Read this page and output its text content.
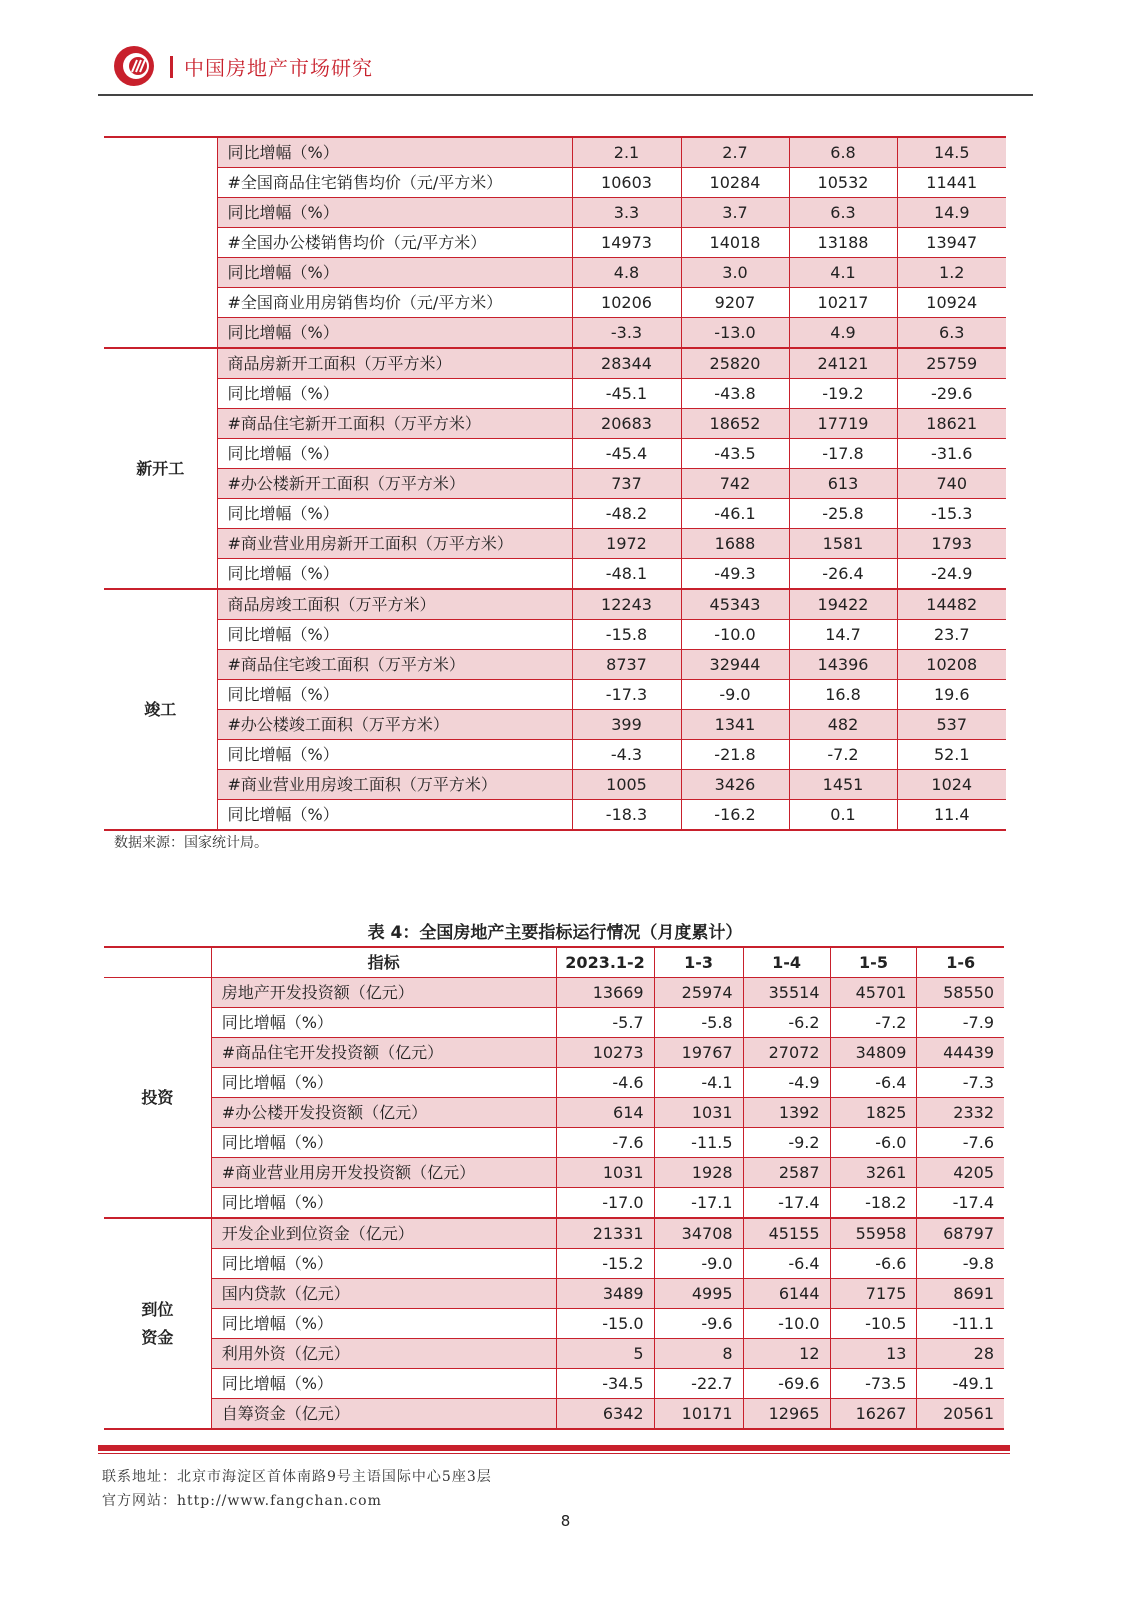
中国房地产市场研究
	同比增幅（%）	2.1	2.7	6.8	14.5
	#全国商品住宅销售均价（元/平方米）	10603	10284	10532	11441
	同比增幅（%）	3.3	3.7	6.3	14.9
	#全国办公楼销售均价（元/平方米）	14973	14018	13188	13947
	同比增幅（%）	4.8	3.0	4.1	1.2
	#全国商业用房销售均价（元/平方米）	10206	9207	10217	10924
	同比增幅（%）	-3.3	-13.0	4.9	6.3
新开工	商品房新开工面积（万平方米）	28344	25820	24121	25759
	同比增幅（%）	-45.1	-43.8	-19.2	-29.6
	#商品住宅新开工面积（万平方米）	20683	18652	17719	18621
	同比增幅（%）	-45.4	-43.5	-17.8	-31.6
	#办公楼新开工面积（万平方米）	737	742	613	740
	同比增幅（%）	-48.2	-46.1	-25.8	-15.3
	#商业营业用房新开工面积（万平方米）	1972	1688	1581	1793
	同比增幅（%）	-48.1	-49.3	-26.4	-24.9
竣工	商品房竣工面积（万平方米）	12243	45343	19422	14482
	同比增幅（%）	-15.8	-10.0	14.7	23.7
	#商品住宅竣工面积（万平方米）	8737	32944	14396	10208
	同比增幅（%）	-17.3	-9.0	16.8	19.6
	#办公楼竣工面积（万平方米）	399	1341	482	537
	同比增幅（%）	-4.3	-21.8	-7.2	52.1
	#商业营业用房竣工面积（万平方米）	1005	3426	1451	1024
	同比增幅（%）	-18.3	-16.2	0.1	11.4
数据来源：国家统计局。
表 4：全国房地产主要指标运行情况（月度累计）
	指标	2023.1-2	1-3	1-4	1-5	1-6
投资	房地产开发投资额（亿元）	13669	25974	35514	45701	58550
	同比增幅（%）	-5.7	-5.8	-6.2	-7.2	-7.9
	#商品住宅开发投资额（亿元）	10273	19767	27072	34809	44439
	同比增幅（%）	-4.6	-4.1	-4.9	-6.4	-7.3
	#办公楼开发投资额（亿元）	614	1031	1392	1825	2332
	同比增幅（%）	-7.6	-11.5	-9.2	-6.0	-7.6
	#商业营业用房开发投资额（亿元）	1031	1928	2587	3261	4205
	同比增幅（%）	-17.0	-17.1	-17.4	-18.2	-17.4
到位
资金	开发企业到位资金（亿元）	21331	34708	45155	55958	68797
	同比增幅（%）	-15.2	-9.0	-6.4	-6.6	-9.8
	国内贷款（亿元）	3489	4995	6144	7175	8691
	同比增幅（%）	-15.0	-9.6	-10.0	-10.5	-11.1
	利用外资（亿元）	5	8	12	13	28
	同比增幅（%）	-34.5	-22.7	-69.6	-73.5	-49.1
	自筹资金（亿元）	6342	10171	12965	16267	20561
联系地址：北京市海淀区首体南路9号主语国际中心5座3层
官方网站：http://www.fangchan.com
8
